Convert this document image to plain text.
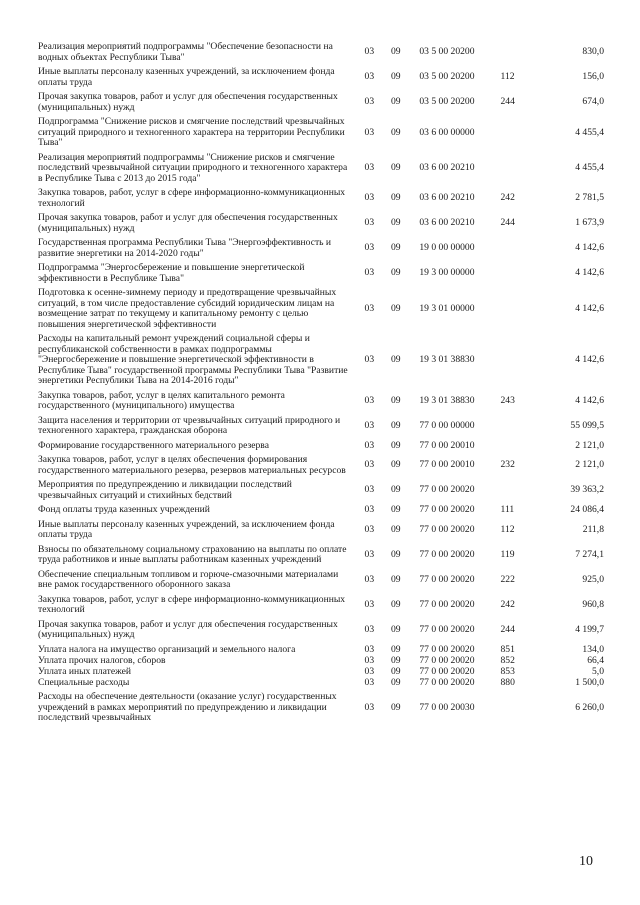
Реализация мероприятий подпрограммы "Обеспечение безопасности на водных объектах Республики Тыва"	03	09	03 5 00 20200		830,0
Иные выплаты персоналу казенных учреждений, за исключением фонда оплаты труда	03	09	03 5 00 20200	112	156,0
Прочая закупка товаров, работ и услуг для обеспечения государственных (муниципальных) нужд	03	09	03 5 00 20200	244	674,0
Подпрограмма "Снижение рисков и смягчение последствий чрезвычайных ситуаций природного и техногенного характера на территории Республики Тыва"	03	09	03 6 00 00000		4 455,4
Реализация мероприятий подпрограммы "Снижение рисков и смягчение последствий чрезвычайной ситуации природного и техногенного характера в Республике Тыва с 2013 до 2015 года"	03	09	03 6 00 20210		4 455,4
Закупка товаров, работ, услуг в сфере информационно-коммуникационных технологий	03	09	03 6 00 20210	242	2 781,5
Прочая закупка товаров, работ и услуг для обеспечения государственных (муниципальных) нужд	03	09	03 6 00 20210	244	1 673,9
Государственная программа Республики Тыва "Энергоэффективность и развитие энергетики на 2014-2020 годы"	03	09	19 0 00 00000		4 142,6
Подпрограмма "Энергосбережение и повышение энергетической эффективности в Республике Тыва"	03	09	19 3 00 00000		4 142,6
Подготовка к осенне-зимнему периоду и предотвращение чрезвычайных ситуаций, в том числе предоставление субсидий юридическим лицам на возмещение затрат по текущему и капитальному ремонту с целью повышения энергетической эффективности	03	09	19 3 01 00000		4 142,6
Расходы на капитальный ремонт учреждений социальной сферы и республиканской собственности в рамках подпрограммы "Энергосбережение и повышение энергетической эффективности в Республике Тыва" государственной программы Республики Тыва "Развитие энергетики Республики Тыва на 2014-2016 годы"	03	09	19 3 01 38830		4 142,6
Закупка товаров, работ, услуг в целях капитального ремонта государственного (муниципального) имущества	03	09	19 3 01 38830	243	4 142,6
Защита населения и территории от чрезвычайных ситуаций природного и техногенного характера, гражданская оборона	03	09	77 0 00 00000		55 099,5
Формирование государственного материального резерва	03	09	77 0 00 20010		2 121,0
Закупка товаров, работ, услуг в целях обеспечения формирования государственного материального резерва, резервов материальных ресурсов	03	09	77 0 00 20010	232	2 121,0
Мероприятия по предупреждению и ликвидации последствий чрезвычайных ситуаций и стихийных бедствий	03	09	77 0 00 20020		39 363,2
Фонд оплаты труда казенных учреждений	03	09	77 0 00 20020	111	24 086,4
Иные выплаты персоналу казенных учреждений, за исключением фонда оплаты труда	03	09	77 0 00 20020	112	211,8
Взносы по обязательному социальному страхованию на выплаты по оплате труда работников и иные выплаты работникам казенных учреждений	03	09	77 0 00 20020	119	7 274,1
Обеспечение специальным топливом и горюче-смазочными материалами вне рамок государственного оборонного заказа	03	09	77 0 00 20020	222	925,0
Закупка товаров, работ, услуг в сфере информационно-коммуникационных технологий	03	09	77 0 00 20020	242	960,8
Прочая закупка товаров, работ и услуг для обеспечения государственных (муниципальных) нужд	03	09	77 0 00 20020	244	4 199,7
Уплата налога на имущество организаций и земельного налога	03	09	77 0 00 20020	851	134,0
Уплата прочих налогов, сборов	03	09	77 0 00 20020	852	66,4
Уплата иных платежей	03	09	77 0 00 20020	853	5,0
Специальные расходы	03	09	77 0 00 20020	880	1 500,0
Расходы на обеспечение деятельности (оказание услуг) государственных учреждений в рамках мероприятий по предупреждению и ликвидации последствий чрезвычайных	03	09	77 0 00 20030		6 260,0
10
